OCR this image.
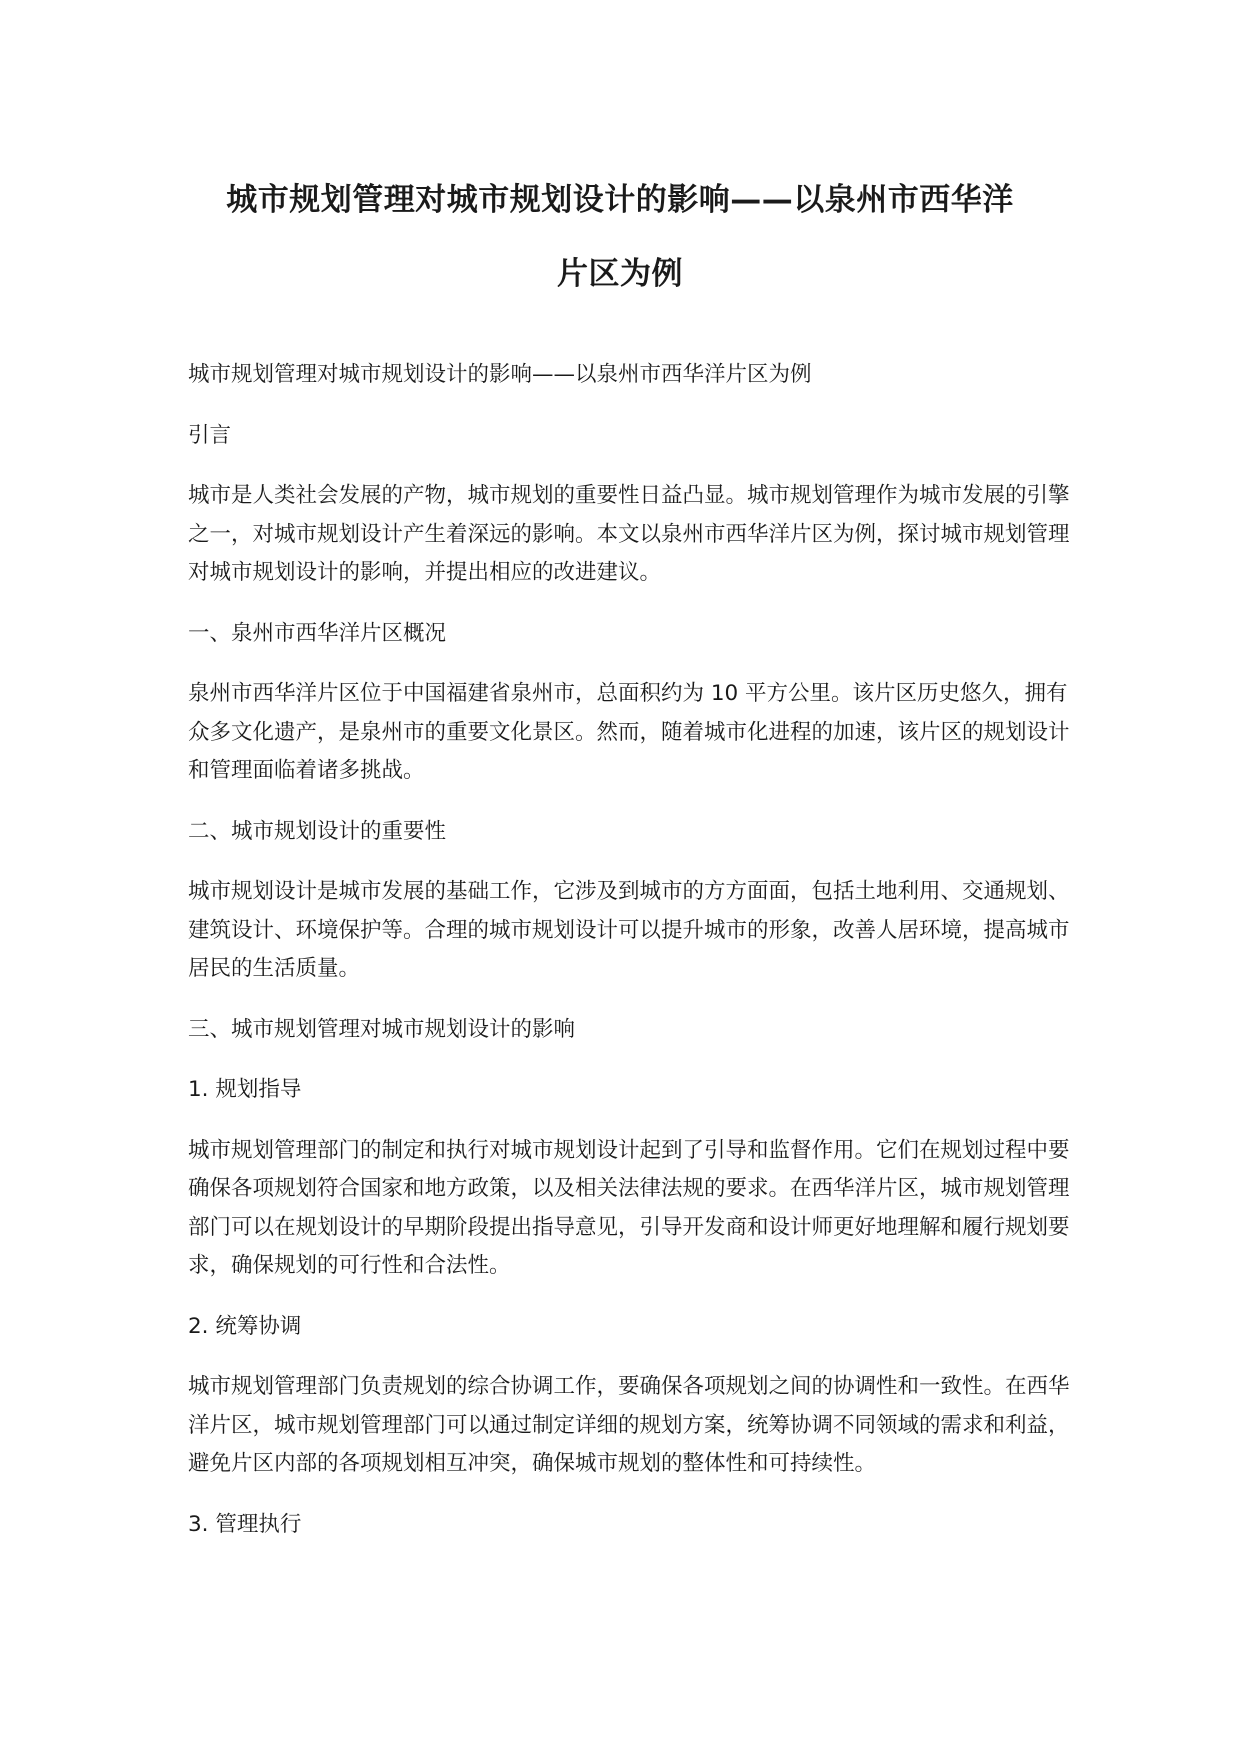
城市规划管理对城市规划设计的影响——以泉州市西华洋
片区为例

城市规划管理对城市规划设计的影响——以泉州市西华洋片区为例

引言

城市是人类社会发展的产物，城市规划的重要性日益凸显。城市规划管理作为城市发展的引擎之一，对城市规划设计产生着深远的影响。本文以泉州市西华洋片区为例，探讨城市规划管理对城市规划设计的影响，并提出相应的改进建议。

一、泉州市西华洋片区概况

泉州市西华洋片区位于中国福建省泉州市，总面积约为 10 平方公里。该片区历史悠久，拥有众多文化遗产，是泉州市的重要文化景区。然而，随着城市化进程的加速，该片区的规划设计和管理面临着诸多挑战。

二、城市规划设计的重要性

城市规划设计是城市发展的基础工作，它涉及到城市的方方面面，包括土地利用、交通规划、建筑设计、环境保护等。合理的城市规划设计可以提升城市的形象，改善人居环境，提高城市居民的生活质量。

三、城市规划管理对城市规划设计的影响

1. 规划指导

城市规划管理部门的制定和执行对城市规划设计起到了引导和监督作用。它们在规划过程中要确保各项规划符合国家和地方政策，以及相关法律法规的要求。在西华洋片区，城市规划管理部门可以在规划设计的早期阶段提出指导意见，引导开发商和设计师更好地理解和履行规划要求，确保规划的可行性和合法性。

2. 统筹协调

城市规划管理部门负责规划的综合协调工作，要确保各项规划之间的协调性和一致性。在西华洋片区，城市规划管理部门可以通过制定详细的规划方案，统筹协调不同领域的需求和利益，避免片区内部的各项规划相互冲突，确保城市规划的整体性和可持续性。

3. 管理执行
